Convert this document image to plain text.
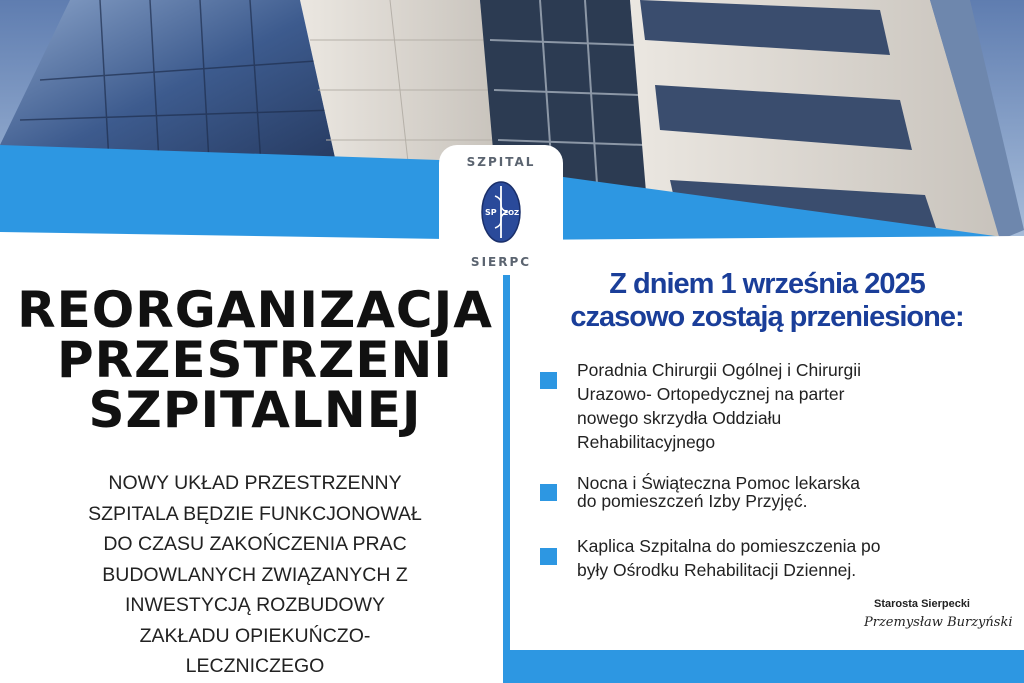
SZPITAL
SP ZOZ
SIERPC
REORGANIZACJA
PRZESTRZENI
SZPITALNEJ
NOWY UKŁAD PRZESTRZENNY
SZPITALA BĘDZIE FUNKCJONOWAŁ
DO CZASU ZAKOŃCZENIA PRAC
BUDOWLANYCH ZWIĄZANYCH Z
INWESTYCJĄ ROZBUDOWY
ZAKŁADU OPIEKUŃCZO-
LECZNICZEGO
Z dniem 1 września 2025
czasowo zostają przeniesione:
Poradnia Chirurgii Ogólnej i Chirurgii
Urazowo- Ortopedycznej na parter
nowego skrzydła Oddziału
Rehabilitacyjnego
Nocna i Świąteczna Pomoc lekarska
do pomieszczeń Izby Przyjęć.
Kaplica Szpitalna do pomieszczenia po
były Ośrodku Rehabilitacji Dziennej.
Starosta Sierpecki
Przemysław Burzyński
